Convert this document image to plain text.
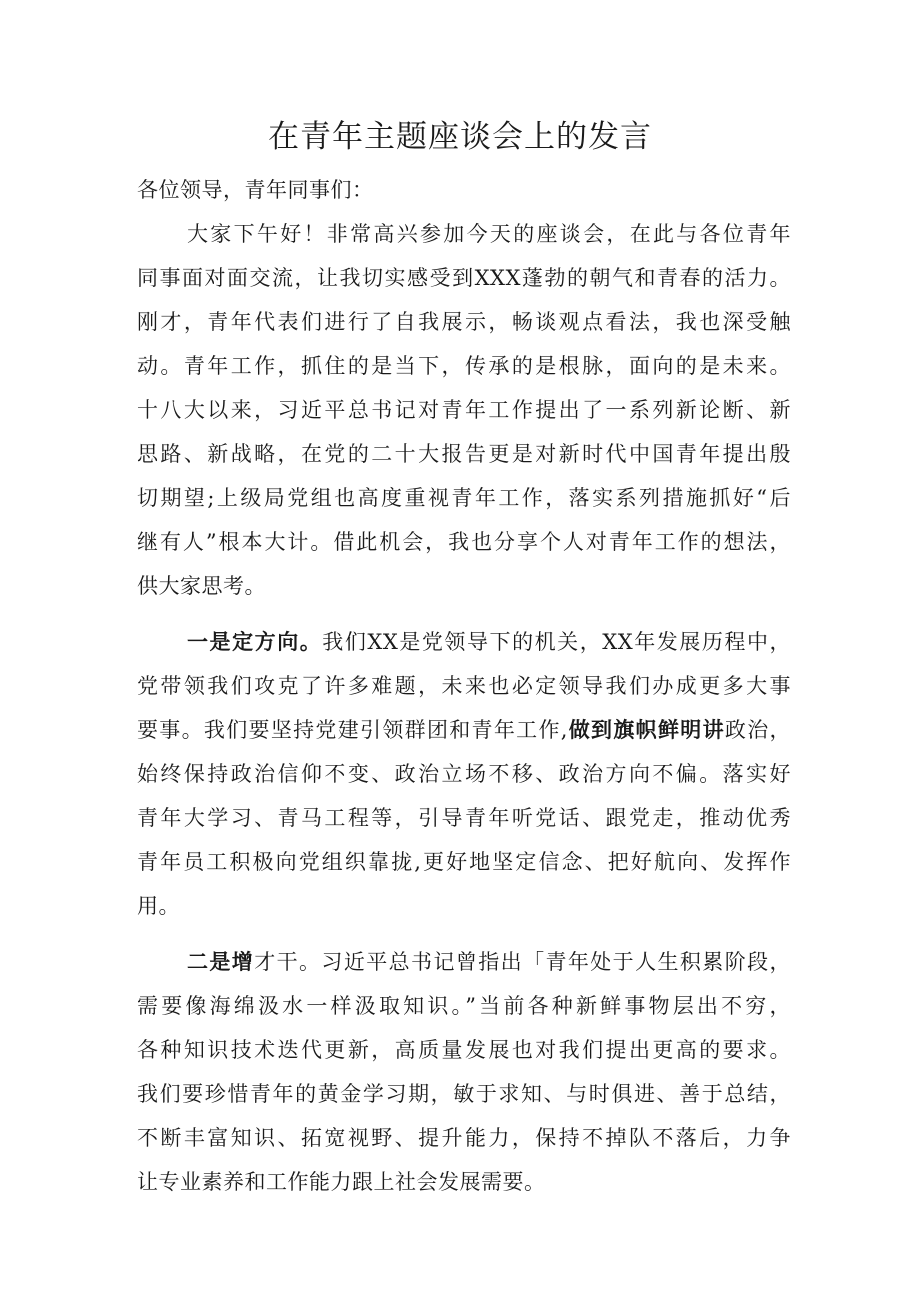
在青年主题座谈会上的发言
各位领导，青年同事们：
大家下午好！非常高兴参加今天的座谈会，在此与各位青年
同事面对面交流，让我切实感受到XXX蓬勃的朝气和青春的活力。
刚才，青年代表们进行了自我展示，畅谈观点看法，我也深受触
动。青年工作，抓住的是当下，传承的是根脉，面向的是未来。
十八大以来，习近平总书记对青年工作提出了一系列新论断、新
思路、新战略，在党的二十大报告更是对新时代中国青年提出殷
切期望;上级局党组也高度重视青年工作，落实系列措施抓好“后
继有人”根本大计。借此机会，我也分享个人对青年工作的想法，
供大家思考。
一是定方向。我们XX是党领导下的机关，XX年发展历程中，
党带领我们攻克了许多难题，未来也必定领导我们办成更多大事
要事。我们要坚持党建引领群团和青年工作,做到旗帜鲜明讲政治，
始终保持政治信仰不变、政治立场不移、政治方向不偏。落实好
青年大学习、青马工程等，引导青年听党话、跟党走，推动优秀
青年员工积极向党组织靠拢,更好地坚定信念、把好航向、发挥作
用。
二是增才干。习近平总书记曾指出「青年处于人生积累阶段，
需要像海绵汲水一样汲取知识。”当前各种新鲜事物层出不穷，
各种知识技术迭代更新，高质量发展也对我们提出更高的要求。
我们要珍惜青年的黄金学习期，敏于求知、与时俱进、善于总结，
不断丰富知识、拓宽视野、提升能力，保持不掉队不落后，力争
让专业素养和工作能力跟上社会发展需要。
